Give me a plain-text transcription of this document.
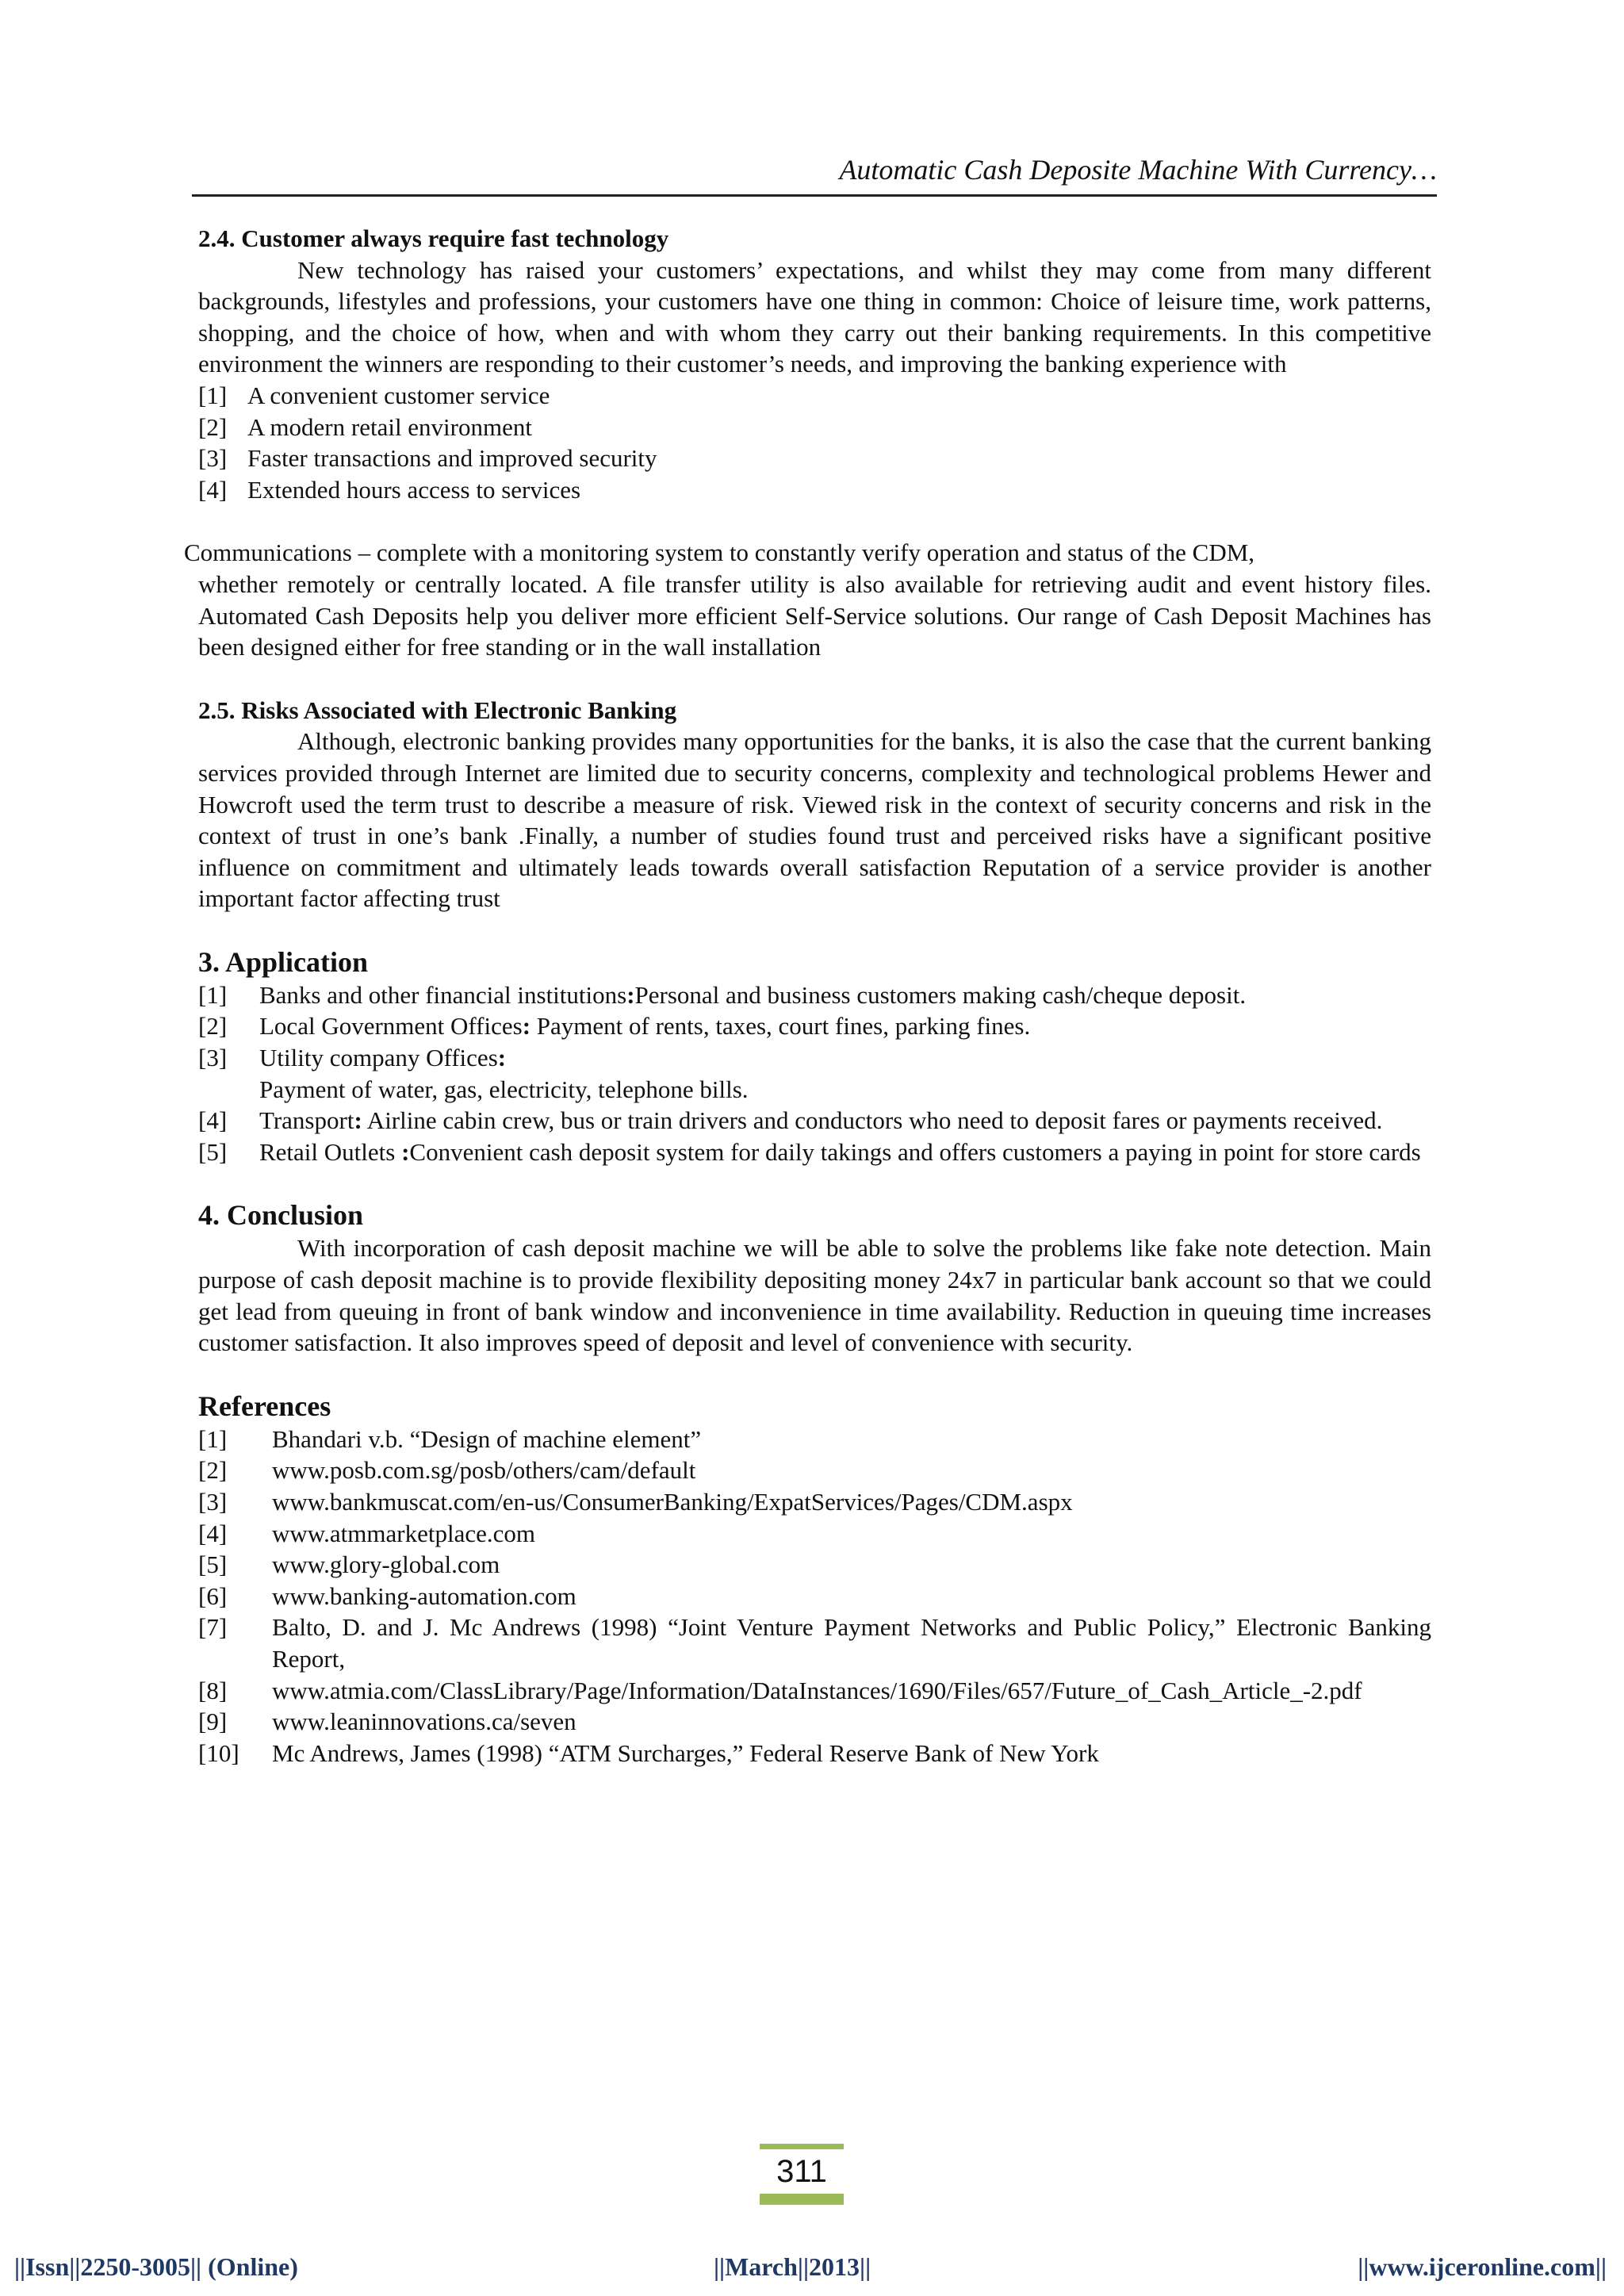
Automatic Cash Deposite Machine With Currency…

2.4. Customer always require fast technology

New technology has raised your customers’ expectations, and whilst they may come from many different backgrounds, lifestyles and professions, your customers have one thing in common: Choice of leisure time, work patterns, shopping, and the choice of how, when and with whom they carry out their banking requirements. In this competitive environment the winners are responding to their customer’s needs, and improving the banking experience with

[1] A convenient customer service
[2] A modern retail environment
[3] Faster transactions and improved security
[4] Extended hours access to services

Communications – complete with a monitoring system to constantly verify operation and status of the CDM,
whether remotely or centrally located. A file transfer utility is also available for retrieving audit and event history files. Automated Cash Deposits help you deliver more efficient Self-Service solutions. Our range of Cash Deposit Machines has been designed either for free standing or in the wall installation

2.5. Risks Associated with Electronic Banking

Although, electronic banking provides many opportunities for the banks, it is also the case that the current banking services provided through Internet are limited due to security concerns, complexity and technological problems Hewer and Howcroft used the term trust to describe a measure of risk. Viewed risk in the context of security concerns and risk in the context of trust in one’s bank .Finally, a number of studies found trust and perceived risks have a significant positive influence on commitment and ultimately leads towards overall satisfaction Reputation of a service provider is another important factor affecting trust

3. Application

[1]	Banks and other financial institutions:Personal and business customers making cash/cheque deposit.
[2]	Local Government Offices: Payment of rents, taxes, court fines, parking fines.
[3]	Utility company Offices:

Payment of water, gas, electricity, telephone bills.

[4]	Transport: Airline cabin crew, bus or train drivers and conductors who need to deposit fares or payments received.
[5]	Retail Outlets :Convenient cash deposit system for daily takings and offers customers a paying in point for store cards

4. Conclusion

With incorporation of cash deposit machine we will be able to solve the problems like fake note detection. Main purpose of cash deposit machine is to provide flexibility depositing money 24x7 in particular bank account so that we could get lead from queuing in front of bank window and inconvenience in time availability. Reduction in queuing time increases customer satisfaction. It also improves speed of deposit and level of convenience with security.

References

[1]	Bhandari v.b. “Design of machine element”
[2]	www.posb.com.sg/posb/others/cam/default
[3]	www.bankmuscat.com/en-us/ConsumerBanking/ExpatServices/Pages/CDM.aspx
[4]	www.atmmarketplace.com
[5]	www.glory-global.com
[6]	www.banking-automation.com
[7]	Balto, D. and J. Mc Andrews (1998) “Joint Venture Payment Networks and Public Policy,” Electronic Banking Report,
[8]	www.atmia.com/ClassLibrary/Page/Information/DataInstances/1690/Files/657/Future_of_Cash_Article_-2.pdf
[9]	www.leaninnovations.ca/seven
[10]	Mc Andrews, James (1998) “ATM Surcharges,” Federal Reserve Bank of New York
311
||Issn||2250-3005|| (Online)	||March||2013||	||www.ijceronline.com||
